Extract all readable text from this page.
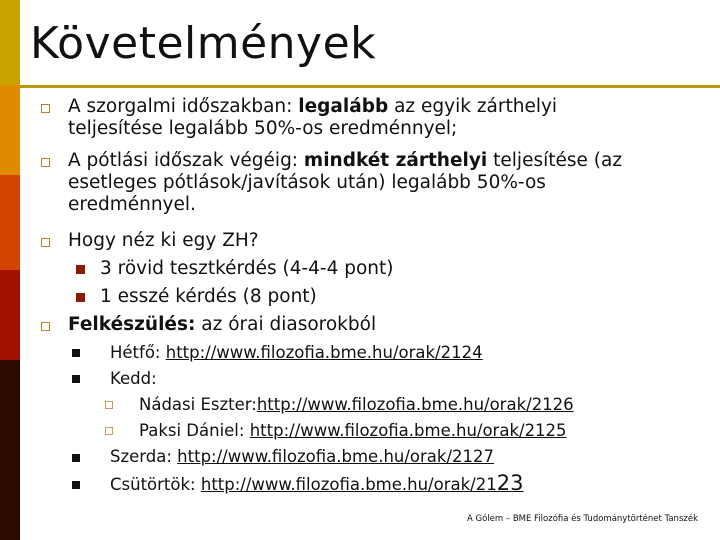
Követelmények
A szorgalmi időszakban: legalább az egyik zárthelyi
teljesítése legalább 50%-os eredménnyel;
A pótlási időszak végéig: mindkét zárthelyi teljesítése (az
esetleges pótlások/javítások után) legalább 50%-os
eredménnyel.
Hogy néz ki egy ZH?
3 rövid tesztkérdés (4-4-4 pont)
1 esszé kérdés (8 pont)
Felkészülés: az órai diasorokból
Hétfő: http://www.filozofia.bme.hu/orak/2124
Kedd:
Nádasi Eszter:http://www.filozofia.bme.hu/orak/2126
Paksi Dániel: http://www.filozofia.bme.hu/orak/2125
Szerda: http://www.filozofia.bme.hu/orak/2127
Csütörtök: http://www.filozofia.bme.hu/orak/2123
A Gólem – BME Filozófia és Tudománytörténet Tanszék
